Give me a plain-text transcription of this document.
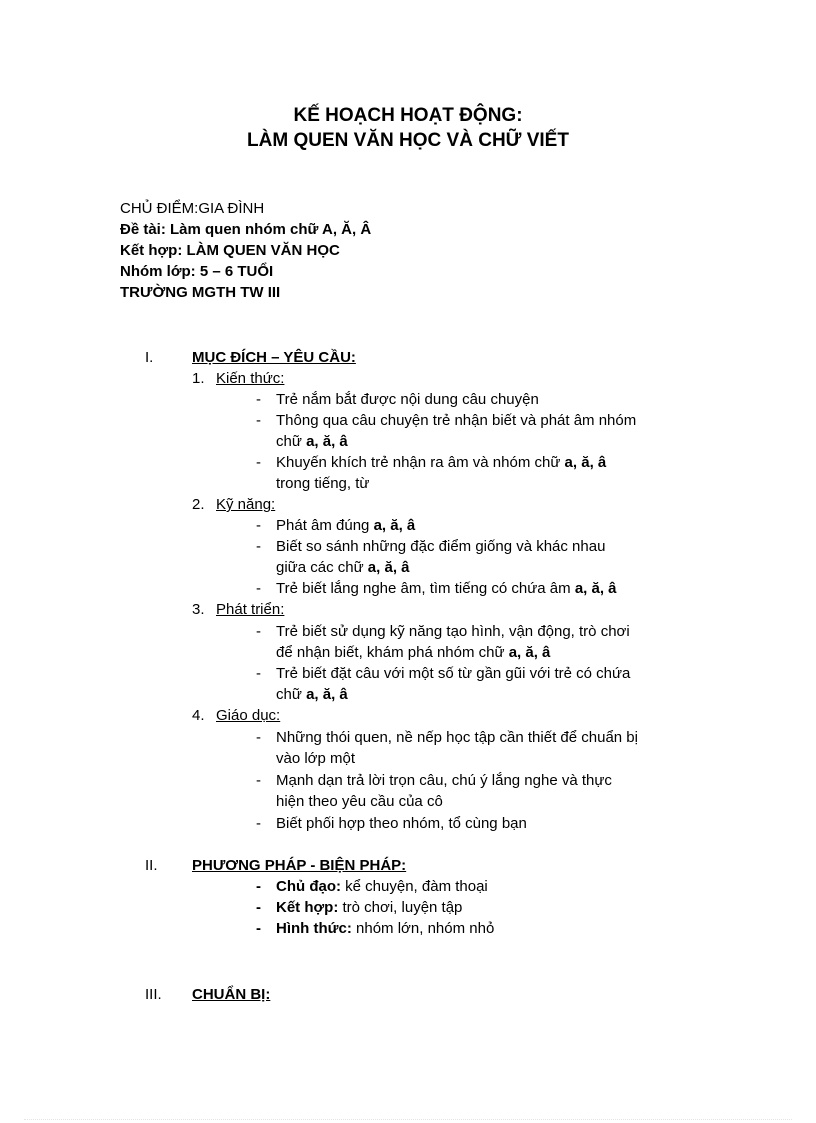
KẾ HOẠCH HOẠT ĐỘNG:
LÀM QUEN VĂN HỌC VÀ CHỮ VIẾT

CHỦ ĐIỂM:GIA ĐÌNH

Đề tài: Làm quen nhóm chữ A, Ă, Â

Kết hợp: LÀM QUEN VĂN HỌC

Nhóm lớp: 5 – 6 TUỔI

TRƯỜNG MGTH TW III

I.	MỤC ĐÍCH – YÊU CẦU:
1. Kiến thức:
- Trẻ nắm bắt được nội dung câu chuyện
- Thông qua câu chuyện trẻ nhận biết và phát âm nhóm
chữ a, ă, â
- Khuyến khích trẻ nhận ra âm và nhóm chữ a, ă, â
trong tiếng, từ
2. Kỹ năng:
- Phát âm đúng a, ă, â
- Biết so sánh những đặc điểm giống và khác nhau
giữa các chữ a, ă, â
- Trẻ biết lắng nghe âm, tìm tiếng có chứa âm a, ă, â
3. Phát triển:
- Trẻ biết sử dụng kỹ năng tạo hình, vận động, trò chơi
để nhận biết, khám phá nhóm chữ a, ă, â
- Trẻ biết đặt câu với một số từ gần gũi với trẻ có chứa
chữ a, ă, â
4. Giáo dục:
- Những thói quen, nề nếp học tập cần thiết để chuẩn bị
vào lớp một
- Mạnh dạn trả lời trọn câu, chú ý lắng nghe và thực
hiện theo yêu cầu của cô
- Biết phối hợp theo nhóm, tổ cùng bạn
II. PHƯƠNG PHÁP - BIỆN PHÁP:
- Chủ đạo: kể chuyện, đàm thoại
- Kết hợp: trò chơi, luyện tập
- Hình thức: nhóm lớn, nhóm nhỏ
III. CHUẨN BỊ:
